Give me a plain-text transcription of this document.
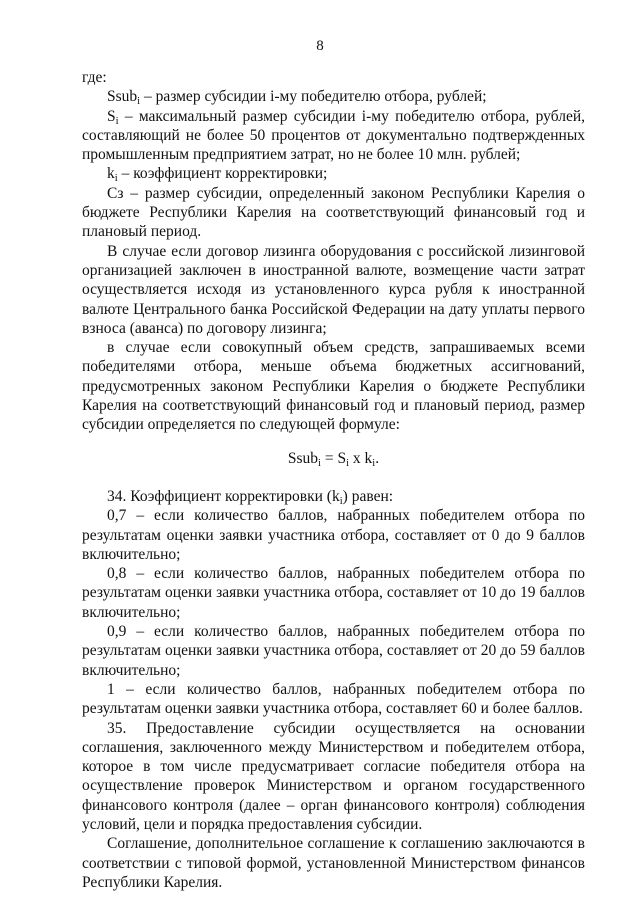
8

где:

Ssub$_i$ – размер субсидии i-му победителю отбора, рублей;

$S_i$ – максимальный размер субсидии i-му победителю отбора, рублей, составляющий не более 50 процентов от документально подтвержденных промышленным предприятием затрат, но не более 10 млн. рублей;

$k_i$ – коэффициент корректировки;

Сз – размер субсидии, определенный законом Республики Карелия о бюджете Республики Карелия на соответствующий финансовый год и плановый период.

В случае если договор лизинга оборудования с российской лизинговой организацией заключен в иностранной валюте, возмещение части затрат осуществляется исходя из установленного курса рубля к иностранной валюте Центрального банка Российской Федерации на дату уплаты первого взноса (аванса) по договору лизинга;

в случае если совокупный объем средств, запрашиваемых всеми победителями отбора, меньше объема бюджетных ассигнований, предусмотренных законом Республики Карелия о бюджете Республики Карелия на соответствующий финансовый год и плановый период, размер субсидии определяется по следующей формуле:

Ssub$_i$ = $S_i$ x $k_i$.

34. Коэффициент корректировки $(k_i)$ равен:

0,7 – если количество баллов, набранных победителем отбора по результатам оценки заявки участника отбора, составляет от 0 до 9 баллов включительно;

0,8 – если количество баллов, набранных победителем отбора по результатам оценки заявки участника отбора, составляет от 10 до 19 баллов включительно;

0,9 – если количество баллов, набранных победителем отбора по результатам оценки заявки участника отбора, составляет от 20 до 59 баллов включительно;

1 – если количество баллов, набранных победителем отбора по результатам оценки заявки участника отбора, составляет 60 и более баллов.

35. Предоставление субсидии осуществляется на основании соглашения, заключенного между Министерством и победителем отбора, которое в том числе предусматривает согласие победителя отбора на осуществление проверок Министерством и органом государственного финансового контроля (далее – орган финансового контроля) соблюдения условий, цели и порядка предоставления субсидии.

Соглашение, дополнительное соглашение к соглашению заключаются в соответствии с типовой формой, установленной Министерством финансов Республики Карелия.
